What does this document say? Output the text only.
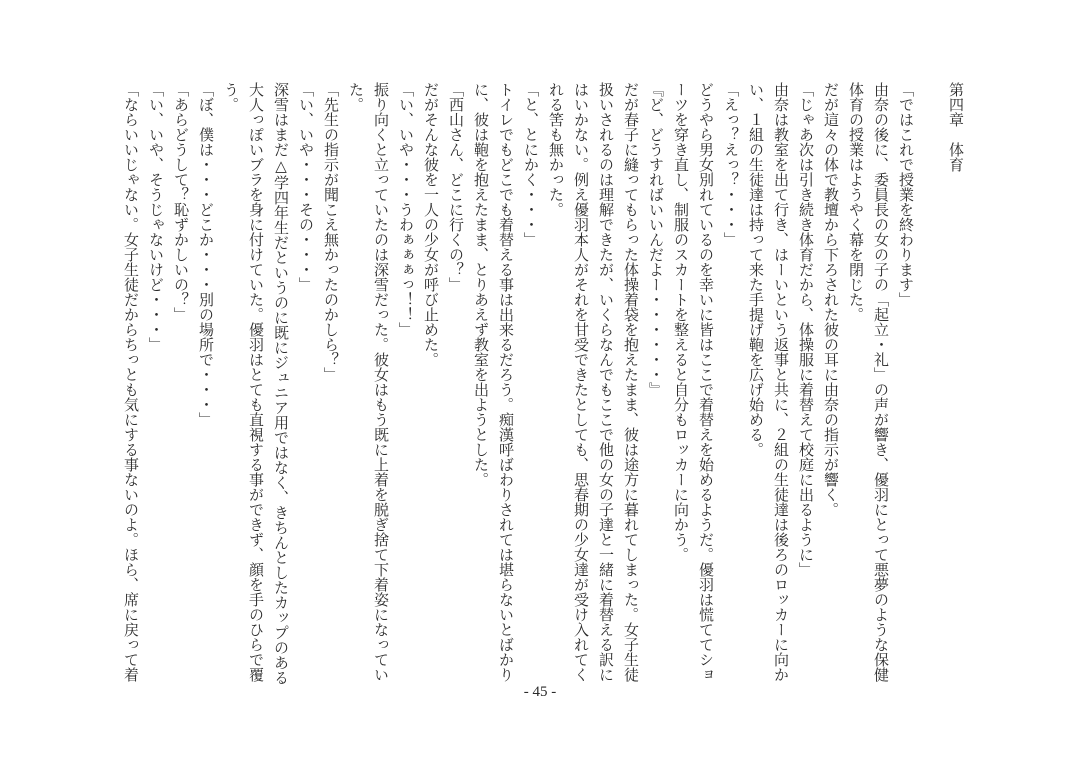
第四章　体育
「ではこれで授業を終わります」
由奈の後に、委員長の女の子の「起立・礼」の声が響き、優羽にとって悪夢のような保健
体育の授業はようやく幕を閉じた。
だが這々の体で教壇から下ろされた彼の耳に由奈の指示が響く。
「じゃあ次は引き続き体育だから、体操服に着替えて校庭に出るように」
由奈は教室を出て行き、はーいという返事と共に、２組の生徒達は後ろのロッカーに向か
い、１組の生徒達は持って来た手提げ鞄を広げ始める。
「えっ？えっ？・・・」
どうやら男女別れているのを幸いに皆はここで着替えを始めるようだ。優羽は慌ててショ
ーツを穿き直し、制服のスカートを整えると自分もロッカーに向かう。
『ど、どうすればいいんだよー・・・・・・』
だが春子に縫ってもらった体操着袋を抱えたまま、彼は途方に暮れてしまった。女子生徒
扱いされるのは理解できたが、いくらなんでもここで他の女の子達と一緒に着替える訳に
はいかない。例え優羽本人がそれを甘受できたとしても、思春期の少女達が受け入れてく
れる筈も無かった。
「と、とにかく・・・」
トイレでもどこでも着替える事は出来るだろう。痴漢呼ばわりされては堪らないとばかり
に、彼は鞄を抱えたまま、とりあえず教室を出ようとした。
「西山さん、どこに行くの？」
だがそんな彼を一人の少女が呼び止めた。
「い、いや・・・うわぁぁぁっ！！」
振り向くと立っていたのは深雪だった。彼女はもう既に上着を脱ぎ捨て下着姿になってい
た。
「先生の指示が聞こえ無かったのかしら？」
「い、いや・・・その・・・」
深雪はまだ△学四年生だというのに既にジュニア用ではなく、きちんとしたカップのある
大人っぽいブラを身に付けていた。優羽はとても直視する事ができず、顔を手のひらで覆
う。
「ぼ、僕は・・・どこか・・・別の場所で・・・」
「あらどうして？恥ずかしいの？」
「い、いや、そうじゃないけど・・・」
「ならいいじゃない。女子生徒だからちっとも気にする事ないのよ。ほら、席に戻って着
- 45 -
